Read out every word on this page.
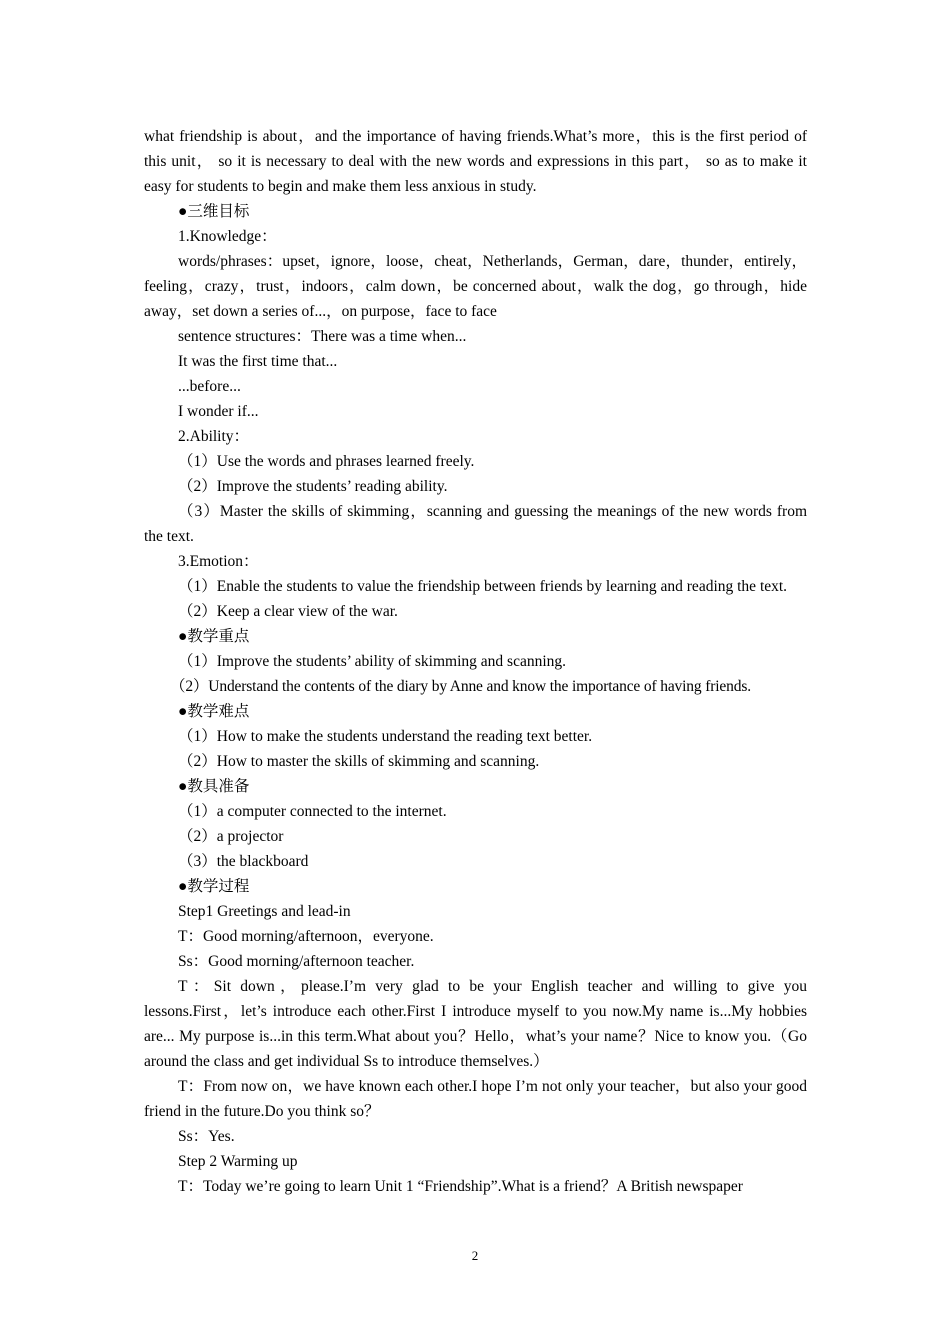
what friendship is about，and the importance of having friends.What’s more，this is the first period of this unit， so it is necessary to deal with the new words and expressions in this part， so as to make it easy for students to begin and make them less anxious in study.

●三维目标

1.Knowledge：

words/phrases：upset，ignore，loose，cheat，Netherlands，German，dare，thunder，entirely，feeling，crazy，trust，indoors，calm down，be concerned about，walk the dog，go through，hide away，set down a series of...，on purpose，face to face

sentence structures：There was a time when...

It was the first time that...

...before...

I wonder if...

2.Ability：

（1）Use the words and phrases learned freely.

（2）Improve the students’ reading ability.

（3）Master the skills of skimming，scanning and guessing the meanings of the new words from the text.

3.Emotion：

（1）Enable the students to value the friendship between friends by learning and reading the text.

（2）Keep a clear view of the war.

●教学重点

（1）Improve the students’ ability of skimming and scanning.

（2）Understand the contents of the diary by Anne and know the importance of having friends.

●教学难点

（1）How to make the students understand the reading text better.

（2）How to master the skills of skimming and scanning.

●教具准备

（1）a computer connected to the internet.

（2）a projector

（3）the blackboard

●教学过程

Step1 Greetings and lead-in

T：Good morning/afternoon，everyone.

Ss：Good morning/afternoon teacher.

T：Sit down，please.I’m very glad to be your English teacher and willing to give you lessons.First，let’s introduce each other.First I introduce myself to you now.My name is...My hobbies are... My purpose is...in this term.What about you？Hello，what’s your name？Nice to know you.（Go around the class and get individual Ss to introduce themselves.）

T：From now on，we have known each other.I hope I’m not only your teacher，but also your good friend in the future.Do you think so？

Ss：Yes.

Step 2 Warming up

T：Today we’re going to learn Unit 1 “Friendship”.What is a friend？A British newspaper

2
